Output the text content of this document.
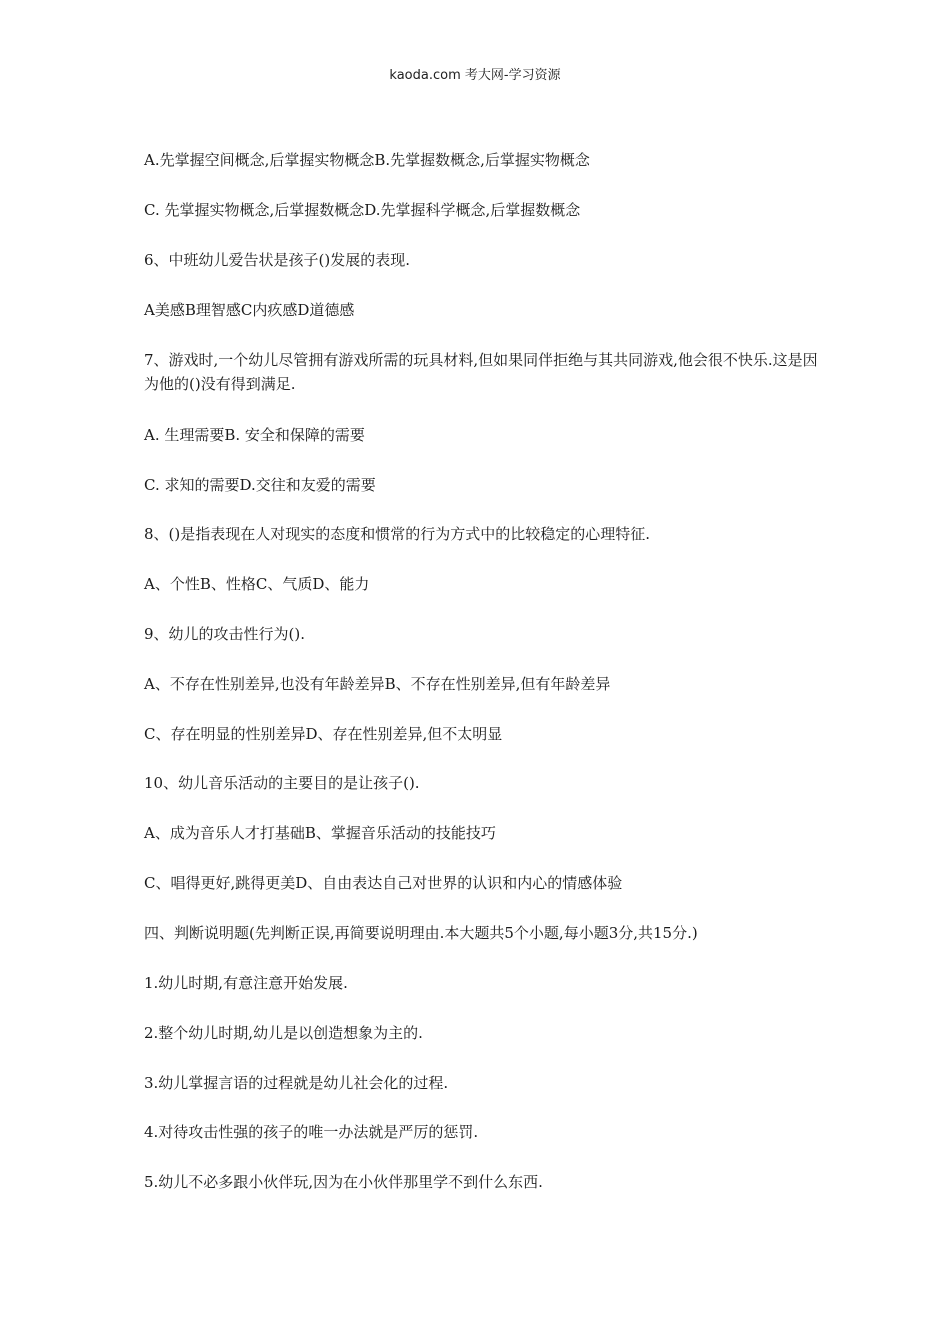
kaoda.com 考大网-学习资源
A.先掌握空间概念,后掌握实物概念B.先掌握数概念,后掌握实物概念
C. 先掌握实物概念,后掌握数概念D.先掌握科学概念,后掌握数概念
6、中班幼儿爱告状是孩子()发展的表现.
A美感B理智感C内疚感D道德感
7、游戏时,一个幼儿尽管拥有游戏所需的玩具材料,但如果同伴拒绝与其共同游戏,他会很不快乐.这是因为他的()没有得到满足.
A. 生理需要B. 安全和保障的需要
C. 求知的需要D.交往和友爱的需要
8、()是指表现在人对现实的态度和惯常的行为方式中的比较稳定的心理特征.
A、个性B、性格C、气质D、能力
9、幼儿的攻击性行为().
A、不存在性别差异,也没有年龄差异B、不存在性别差异,但有年龄差异
C、存在明显的性别差异D、存在性别差异,但不太明显
10、幼儿音乐活动的主要目的是让孩子().
A、成为音乐人才打基础B、掌握音乐活动的技能技巧
C、唱得更好,跳得更美D、自由表达自己对世界的认识和内心的情感体验
四、判断说明题(先判断正误,再简要说明理由.本大题共5个小题,每小题3分,共15分.)
1.幼儿时期,有意注意开始发展.
2.整个幼儿时期,幼儿是以创造想象为主的.
3.幼儿掌握言语的过程就是幼儿社会化的过程.
4.对待攻击性强的孩子的唯一办法就是严厉的惩罚.
5.幼儿不必多跟小伙伴玩,因为在小伙伴那里学不到什么东西.
